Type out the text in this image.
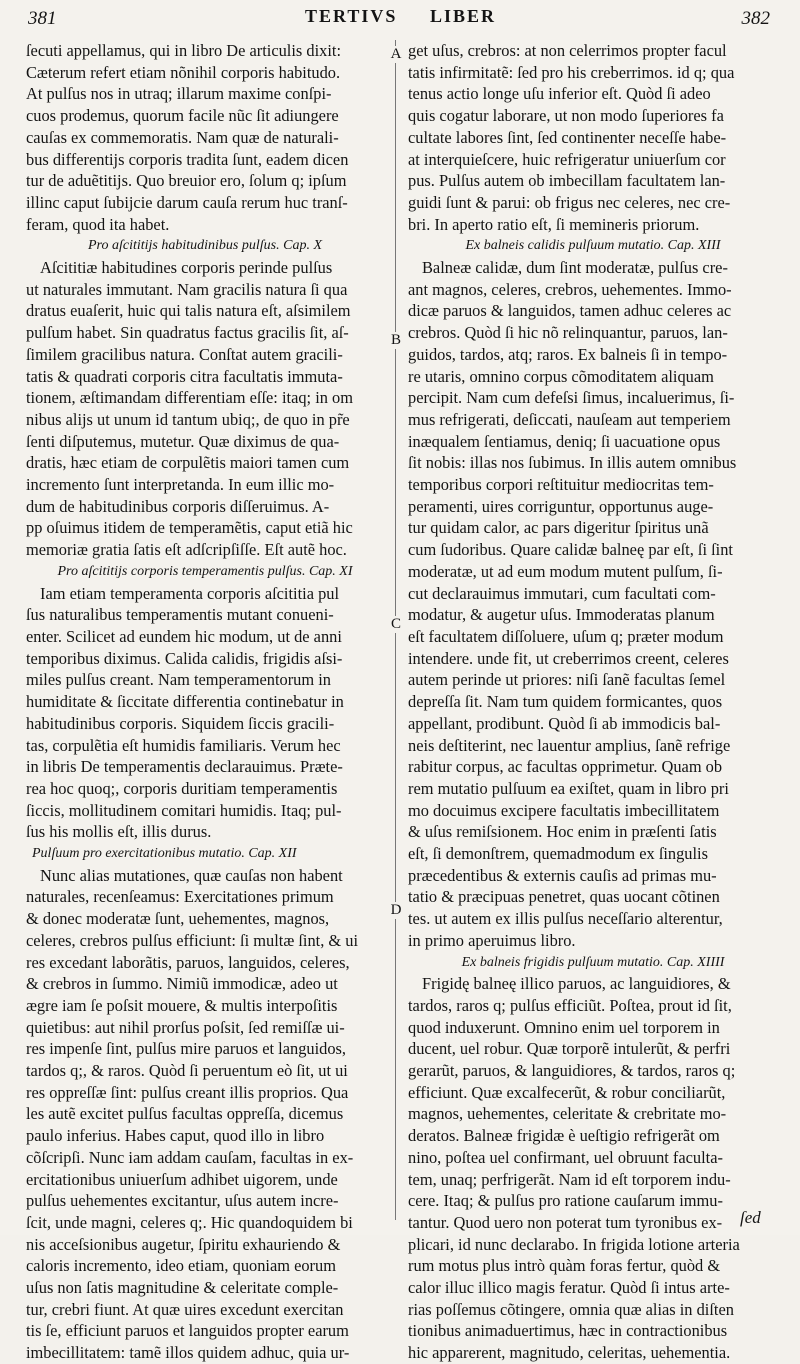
381	TERTIVS LIBER	382
ſecuti appellamus, qui in libro De articulis dixit:
Cæterum refert etiam nõnihil corporis habitudo.
At pulſus nos in utraq; illarum maxime conſpi-
cuos prodemus, quorum facile nũc ſit adiungere
cauſas ex commemoratis. Nam quæ de naturali-
bus differentijs corporis tradita ſunt, eadem dicen
tur de aduẽtitijs. Quo breuior ero, ſolum q; ipſum
illinc caput ſubijcie darum cauſa rerum huc tranſ-
feram, quod ita habet.
Pro aſcititijs habitudinibus pulſus. Cap. X
Aſcititiæ habitudines corporis perinde pulſus
ut naturales immutant. Nam gracilis natura ſi qua
dratus euaſerit, huic qui talis natura eſt, aſsimilem
pulſum habet. Sin quadratus factus gracilis ſit, aſ-
ſimilem gracilibus natura. Conſtat autem gracili-
tatis & quadrati corporis citra facultatis immuta-
tionem, æſtimandam differentiam eſſe: itaq; in om
nibus alijs ut unum id tantum ubiq;, de quo in pr̃e
ſenti diſputemus, mutetur. Quæ diximus de qua-
dratis, hæc etiam de corpulẽtis maiori tamen cum
incremento ſunt interpretanda. In eum illic mo-
dum de habitudinibus corporis diſſeruimus. A-
pp oſuimus itidem de temperamẽtis, caput etiã hic
memoriæ gratia ſatis eſt adſcripſiſſe. Eſt autẽ hoc.
Pro aſcititijs corporis temperamentis pulſus. Cap. XI
Iam etiam temperamenta corporis aſcititia pul
ſus naturalibus temperamentis mutant conueni-
enter. Scilicet ad eundem hic modum, ut de anni
temporibus diximus. Calida calidis, frigidis aſsi-
miles pulſus creant. Nam temperamentorum in
humiditate & ſiccitate differentia continebatur in
habitudinibus corporis. Siquidem ſiccis gracili-
tas, corpulẽtia eſt humidis familiaris. Verum hec
in libris De temperamentis declarauimus. Præte-
rea hoc quoq;, corporis duritiam temperamentis
ſiccis, mollitudinem comitari humidis. Itaq; pul-
ſus his mollis eſt, illis durus.
Pulſuum pro exercitationibus mutatio. Cap. XII
Nunc alias mutationes, quæ cauſas non habent
naturales, recenſeamus: Exercitationes primum
& donec moderatæ ſunt, uehementes, magnos,
celeres, crebros pulſus efficiunt: ſi multæ ſint, & ui
res excedant laborãtis, paruos, languidos, celeres,
& crebros in ſummo. Nimiũ immodicæ, adeo ut
ægre iam ſe poſsit mouere, & multis interpoſitis
quietibus: aut nihil prorſus poſsit, ſed remiſſæ ui-
res impenſe ſint, pulſus mire paruos et languidos,
tardos q;, & raros. Quòd ſi peruentum eò ſit, ut ui
res oppreſſæ ſint: pulſus creant illis proprios. Qua
les autẽ excitet pulſus facultas oppreſſa, dicemus
paulo inferius. Habes caput, quod illo in libro
cõſcripſi. Nunc iam addam cauſam, facultas in ex-
ercitationibus uniuerſum adhibet uigorem, unde
pulſus uehementes excitantur, uſus autem incre-
ſcit, unde magni, celeres q;. Hic quandoquidem bi
nis acceſsionibus augetur, ſpiritu exhauriendo &
caloris incremento, ideo etiam, quoniam eorum
uſus non ſatis magnitudine & celeritate comple-
tur, crebri fiunt. At quæ uires excedunt exercitan
tis ſe, efficiunt paruos et languidos propter earum
imbecillitatem: tamẽ illos quidem adhuc, quia ur-
A
B
C
D
get uſus, crebros: at non celerrimos propter facul
tatis infirmitatẽ: ſed pro his creberrimos. id q; qua
tenus actio longe uſu inferior eſt. Quòd ſi adeo
quis cogatur laborare, ut non modo ſuperiores fa
cultate labores ſint, ſed continenter neceſſe habe-
at interquieſcere, huic refrigeratur uniuerſum cor
pus. Pulſus autem ob imbecillam facultatem lan-
guidi ſunt & parui: ob frigus nec celeres, nec cre-
bri. In aperto ratio eſt, ſi memineris priorum.
Ex balneis calidis pulſuum mutatio. Cap. XIII
Balneæ calidæ, dum ſint moderatæ, pulſus cre-
ant magnos, celeres, crebros, uehementes. Immo-
dicæ paruos & languidos, tamen adhuc celeres ac
crebros. Quòd ſi hic nõ relinquantur, paruos, lan-
guidos, tardos, atq; raros. Ex balneis ſi in tempo-
re utaris, omnino corpus cõmoditatem aliquam
percipit. Nam cum defeſsi ſimus, incaluerimus, ſi-
mus refrigerati, deſiccati, nauſeam aut temperiem
inæqualem ſentiamus, deniq; ſi uacuatione opus
ſit nobis: illas nos ſubimus. In illis autem omnibus
temporibus corpori reſtituitur mediocritas tem-
peramenti, uires corriguntur, opportunus auge-
tur quidam calor, ac pars digeritur ſpiritus unã
cum ſudoribus. Quare calidæ balneę par eſt, ſi ſint
moderatæ, ut ad eum modum mutent pulſum, ſi-
cut declarauimus immutari, cum facultati com-
modatur, & augetur uſus. Immoderatas planum
eſt facultatem diſſoluere, uſum q; præter modum
intendere. unde fit, ut creberrimos creent, celeres
autem perinde ut priores: niſi ſanẽ facultas ſemel
depreſſa ſit. Nam tum quidem formicantes, quos
appellant, prodibunt. Quòd ſi ab immodicis bal-
neis deſtiterint, nec lauentur amplius, ſanẽ refrige
rabitur corpus, ac facultas opprimetur. Quam ob
rem mutatio pulſuum ea exiſtet, quam in libro pri
mo docuimus excipere facultatis imbecillitatem
& uſus remiſsionem. Hoc enim in præſenti ſatis
eſt, ſi demonſtrem, quemadmodum ex ſingulis
præcedentibus & externis cauſis ad primas mu-
tatio & præcipuas penetret, quas uocant cõtinen
tes. ut autem ex illis pulſus neceſſario alterentur,
in primo aperuimus libro.
Ex balneis frigidis pulſuum mutatio. Cap. XIIII
Frigidę balneę illico paruos, ac languidiores, &
tardos, raros q; pulſus efficiũt. Poſtea, prout id ſit,
quod induxerunt. Omnino enim uel torporem in
ducent, uel robur. Quæ torporẽ intulerũt, & perfri
gerarũt, paruos, & languidiores, & tardos, raros q;
efficiunt. Quæ excalfecerũt, & robur conciliarũt,
magnos, uehementes, celeritate & crebritate mo-
deratos. Balneæ frigidæ è ueſtigio refrigerãt om
nino, poſtea uel confirmant, uel obruunt faculta-
tem, unaq; perfrigerãt. Nam id eſt torporem indu-
cere. Itaq; & pulſus pro ratione cauſarum immu-
tantur. Quod uero non poterat tum tyronibus ex-
plicari, id nunc declarabo. In frigida lotione arteria
rum motus plus intrò quàm foras fertur, quòd &
calor illuc illico magis feratur. Quòd ſi intus arte-
rias poſſemus cõtingere, omnia quæ alias in diſten
tionibus animaduertimus, hæc in contractionibus
hic apparerent, magnitudo, celeritas, uehementia.
ſed
